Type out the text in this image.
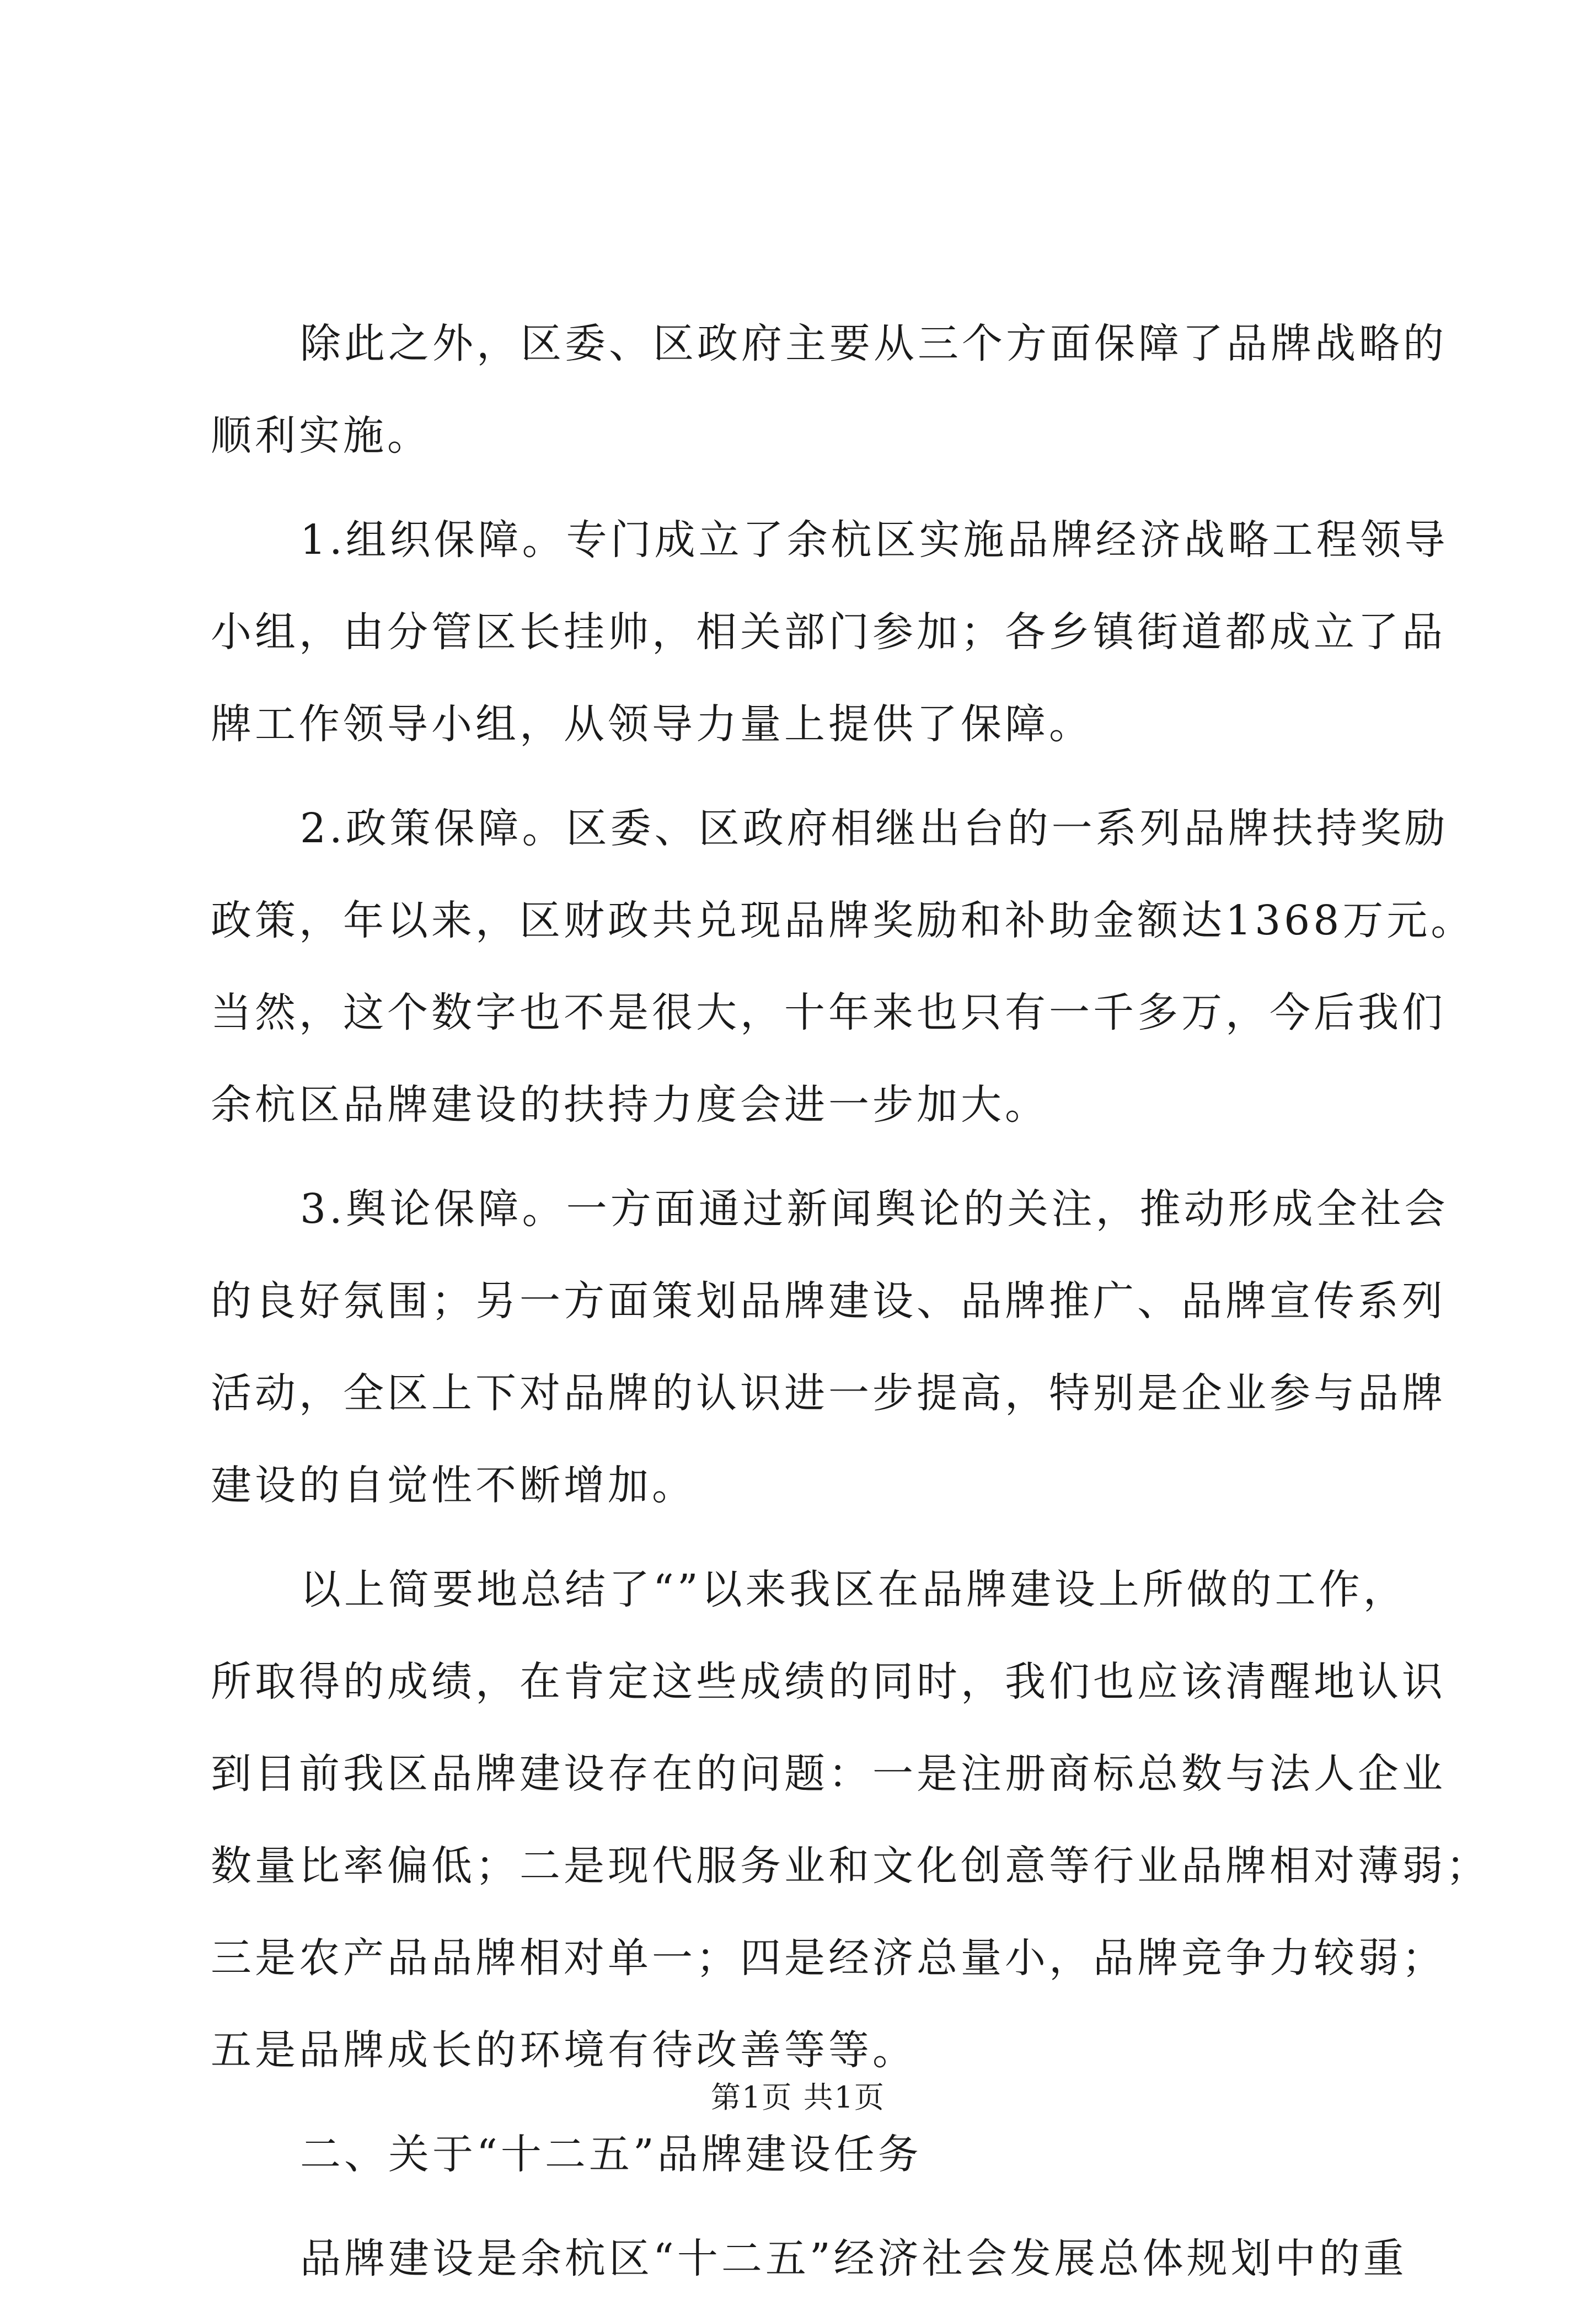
除此之外，区委、区政府主要从三个方面保障了品牌战略的
顺利实施。
1.组织保障。专门成立了余杭区实施品牌经济战略工程领导
小组，由分管区长挂帅，相关部门参加；各乡镇街道都成立了品
牌工作领导小组，从领导力量上提供了保障。
2.政策保障。区委、区政府相继出台的一系列品牌扶持奖励
政策，年以来，区财政共兑现品牌奖励和补助金额达1368万元。
当然，这个数字也不是很大，十年来也只有一千多万，今后我们
余杭区品牌建设的扶持力度会进一步加大。
3.舆论保障。一方面通过新闻舆论的关注，推动形成全社会
的良好氛围；另一方面策划品牌建设、品牌推广、品牌宣传系列
活动，全区上下对品牌的认识进一步提高，特别是企业参与品牌
建设的自觉性不断增加。
以上简要地总结了“”以来我区在品牌建设上所做的工作，
所取得的成绩，在肯定这些成绩的同时，我们也应该清醒地认识
到目前我区品牌建设存在的问题：一是注册商标总数与法人企业
数量比率偏低；二是现代服务业和文化创意等行业品牌相对薄弱；
三是农产品品牌相对单一；四是经济总量小，品牌竞争力较弱；
五是品牌成长的环境有待改善等等。
二、关于“十二五”品牌建设任务
品牌建设是余杭区“十二五”经济社会发展总体规划中的重
第1页 共1页
